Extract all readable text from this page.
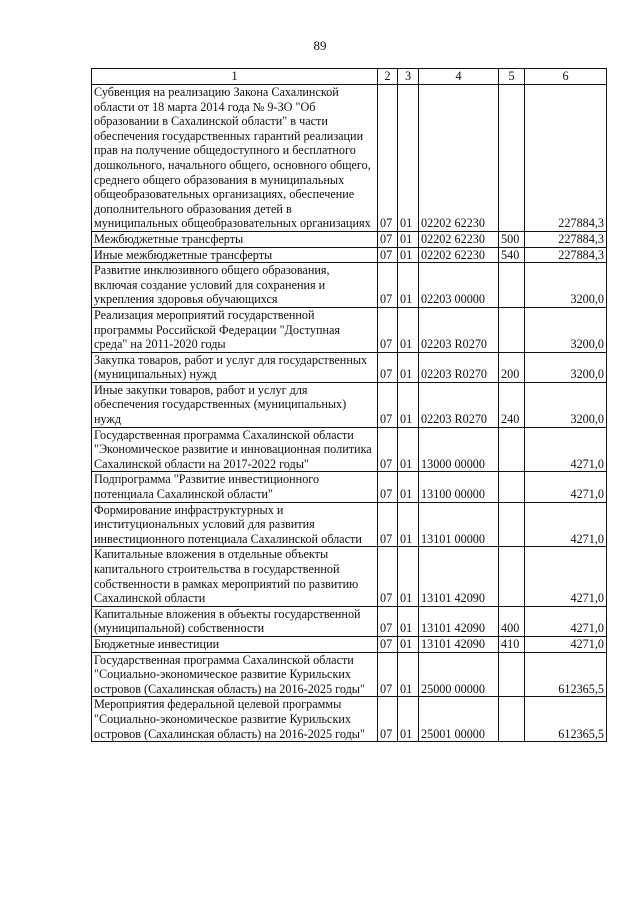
89
1	2	3	4	5	6
Субвенция на реализацию Закона Сахалинской области от 18 марта 2014 года № 9-ЗО "Об образовании в Сахалинской области" в части обеспечения государственных гарантий реализации прав на получение общедоступного и бесплатного дошкольного, начального общего, основного общего, среднего общего образования в муниципальных общеобразовательных организациях, обеспечение дополнительного образования детей в муниципальных общеобразовательных организациях	07	01	02202 62230		227884,3
Межбюджетные трансферты	07	01	02202 62230	500	227884,3
Иные межбюджетные трансферты	07	01	02202 62230	540	227884,3
Развитие инклюзивного общего образования, включая создание условий для сохранения и укрепления здоровья обучающихся	07	01	02203 00000		3200,0
Реализация мероприятий государственной программы Российской Федерации "Доступная среда" на 2011-2020 годы	07	01	02203 R0270		3200,0
Закупка товаров, работ и услуг для государственных (муниципальных) нужд	07	01	02203 R0270	200	3200,0
Иные закупки товаров, работ и услуг для обеспечения государственных (муниципальных) нужд	07	01	02203 R0270	240	3200,0
Государственная программа Сахалинской области "Экономическое развитие и инновационная политика Сахалинской области на 2017-2022 годы"	07	01	13000 00000		4271,0
Подпрограмма "Развитие инвестиционного потенциала Сахалинской области"	07	01	13100 00000		4271,0
Формирование инфраструктурных и институциональных условий для развития инвестиционного потенциала Сахалинской области	07	01	13101 00000		4271,0
Капитальные вложения в отдельные объекты капитального строительства в государственной собственности в рамках мероприятий по развитию Сахалинской области	07	01	13101 42090		4271,0
Капитальные вложения в объекты государственной (муниципальной) собственности	07	01	13101 42090	400	4271,0
Бюджетные инвестиции	07	01	13101 42090	410	4271,0
Государственная программа Сахалинской области "Социально-экономическое развитие Курильских островов (Сахалинская область) на 2016-2025 годы"	07	01	25000 00000		612365,5
Мероприятия федеральной целевой программы "Социально-экономическое развитие Курильских островов (Сахалинская область) на 2016-2025 годы"	07	01	25001 00000		612365,5
